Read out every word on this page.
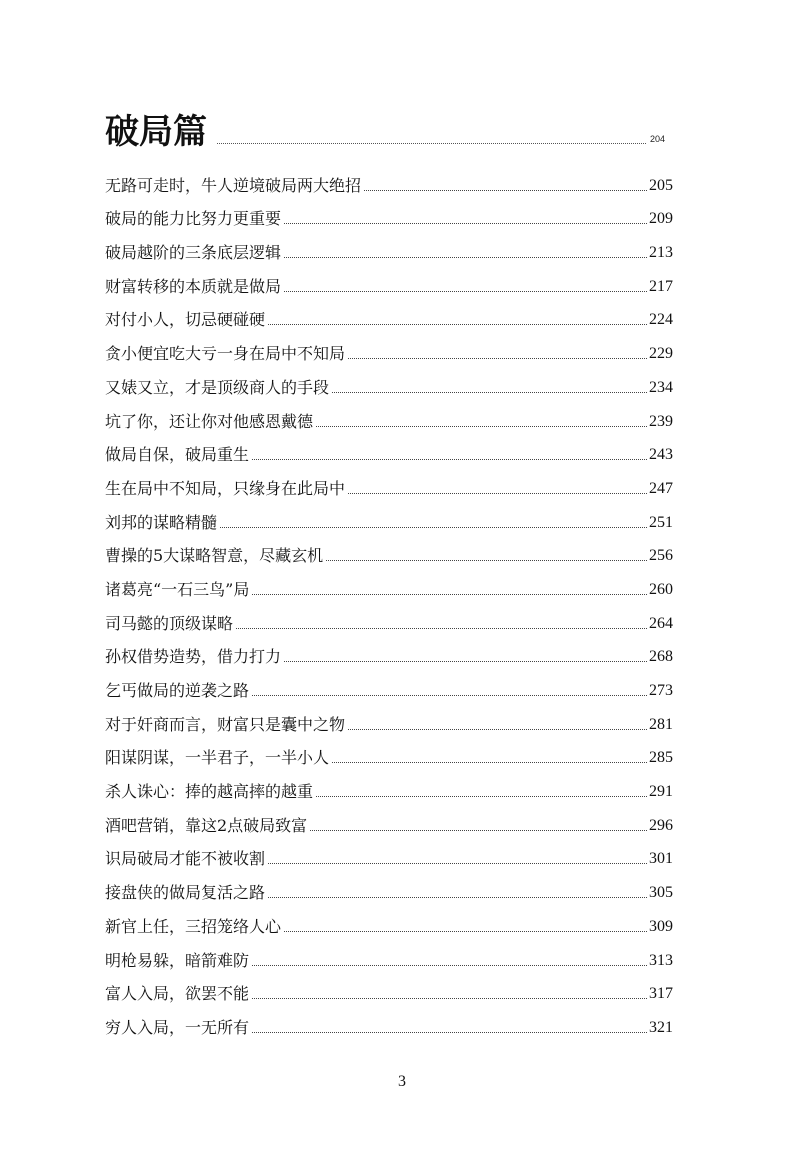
破局篇	204
无路可走时，牛人逆境破局两大绝招	205
破局的能力比努力更重要	209
破局越阶的三条底层逻辑	213
财富转移的本质就是做局	217
对付小人，切忌硬碰硬	224
贪小便宜吃大亏一身在局中不知局	229
又婊又立，才是顶级商人的手段	234
坑了你，还让你对他感恩戴德	239
做局自保，破局重生	243
生在局中不知局，只缘身在此局中	247
刘邦的谋略精髓	251
曹操的5大谋略智意，尽藏玄机	256
诸葛亮“一石三鸟”局	260
司马懿的顶级谋略	264
孙权借势造势，借力打力	268
乞丐做局的逆袭之路	273
对于奸商而言，财富只是囊中之物	281
阳谋阴谋，一半君子，一半小人	285
杀人诛心：捧的越高摔的越重	291
酒吧营销，靠这2点破局致富	296
识局破局才能不被收割	301
接盘侠的做局复活之路	305
新官上任，三招笼络人心	309
明枪易躲，暗箭难防	313
富人入局，欲罢不能	317
穷人入局，一无所有	321
3
